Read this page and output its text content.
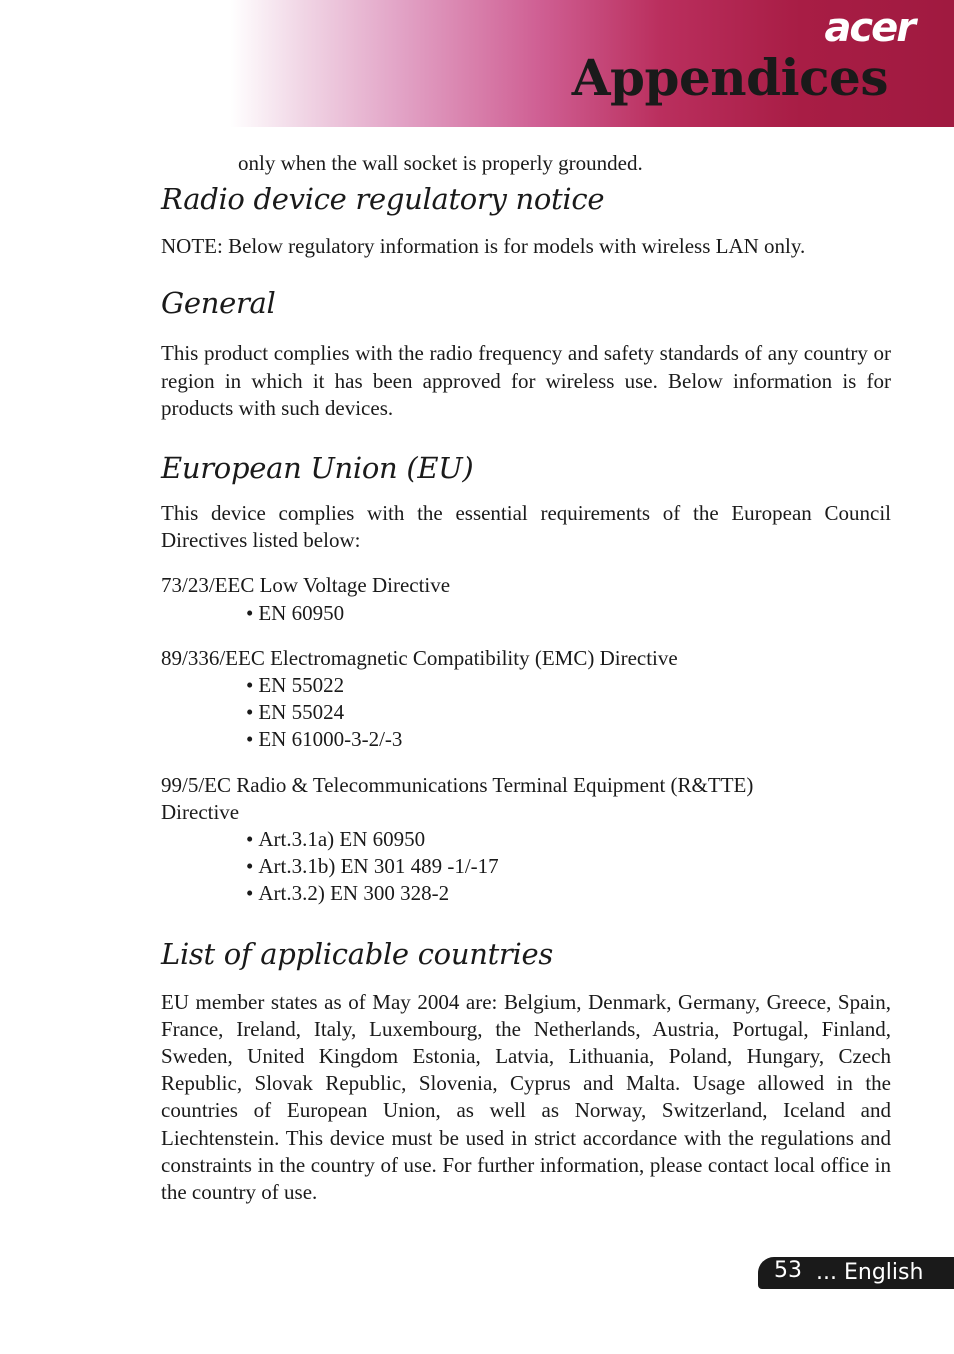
acer
Appendices

only when the wall socket is properly grounded.

Radio device regulatory notice

NOTE: Below regulatory information is for models with wireless LAN only.

General

This product complies with the radio frequency and safety standards of any country or region in which it has been approved for wireless use. Below information is for products with such devices.

European Union (EU)

This device complies with the essential requirements of the European Council Directives listed below:

73/23/EEC Low Voltage Directive

• EN 60950

89/336/EEC Electromagnetic Compatibility (EMC) Directive

• EN 55022
• EN 55024
• EN 61000-3-2/-3

99/5/EC Radio & Telecommunications Terminal Equipment (R&TTE) Directive

• Art.3.1a) EN 60950
• Art.3.1b) EN 301 489 -1/-17
• Art.3.2) EN 300 328-2
List of applicable countries

EU member states as of May 2004 are: Belgium, Denmark, Germany, Greece, Spain, France, Ireland, Italy, Luxembourg, the Netherlands, Austria, Portugal, Finland, Sweden, United Kingdom Estonia, Latvia, Lithuania, Poland, Hungary, Czech Republic, Slovak Republic, Slovenia, Cyprus and Malta. Usage allowed in the countries of European Union, as well as Norway, Switzerland, Iceland and Liechtenstein. This device must be used in strict accordance with the regulations and constraints in the country of use. For further information, please contact local office in the country of use.

53 ... English
